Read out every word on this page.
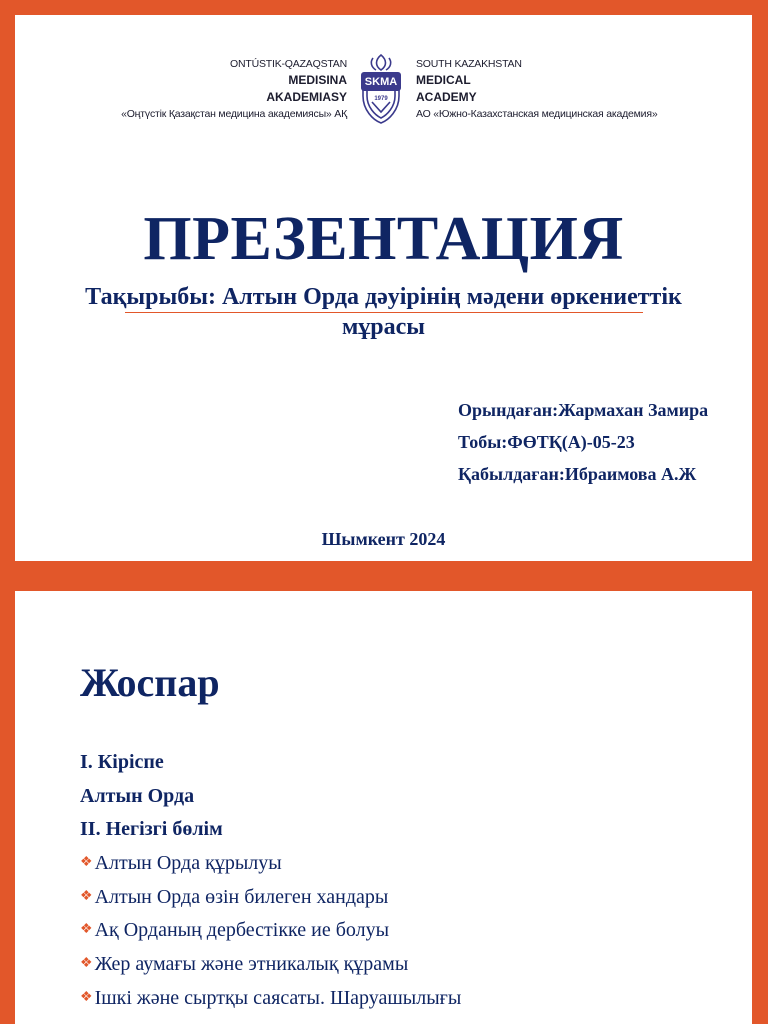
ONTÚSTIK-QAZAQSTAN
MEDISINA
AKADEMIASY
«Оңтүстік Қазақстан медицина академиясы» АҚ
SKMA
1979
SOUTH KAZAKHSTAN
MEDICAL
ACADEMY
АО «Южно-Казахстанская медицинская академия»
ПРЕЗЕНТАЦИЯ
Тақырыбы: Алтын Орда дәуірінің мәдени өркениеттік мұрасы
Орындаған:Жармахан Замира
Тобы:ФӨТҚ(А)-05-23
Қабылдаған:Ибраимова А.Ж
Шымкент 2024
Жоспар
I. Кіріспе
Алтын Орда
II. Негізгі бөлім
❖ Алтын Орда құрылуы
❖ Алтын Орда өзін билеген хандары
❖ Ақ Орданың дербестікке ие болуы
❖ Жер аумағы және этникалық құрамы
❖ Ішкі және сыртқы саясаты. Шаруашылығы
